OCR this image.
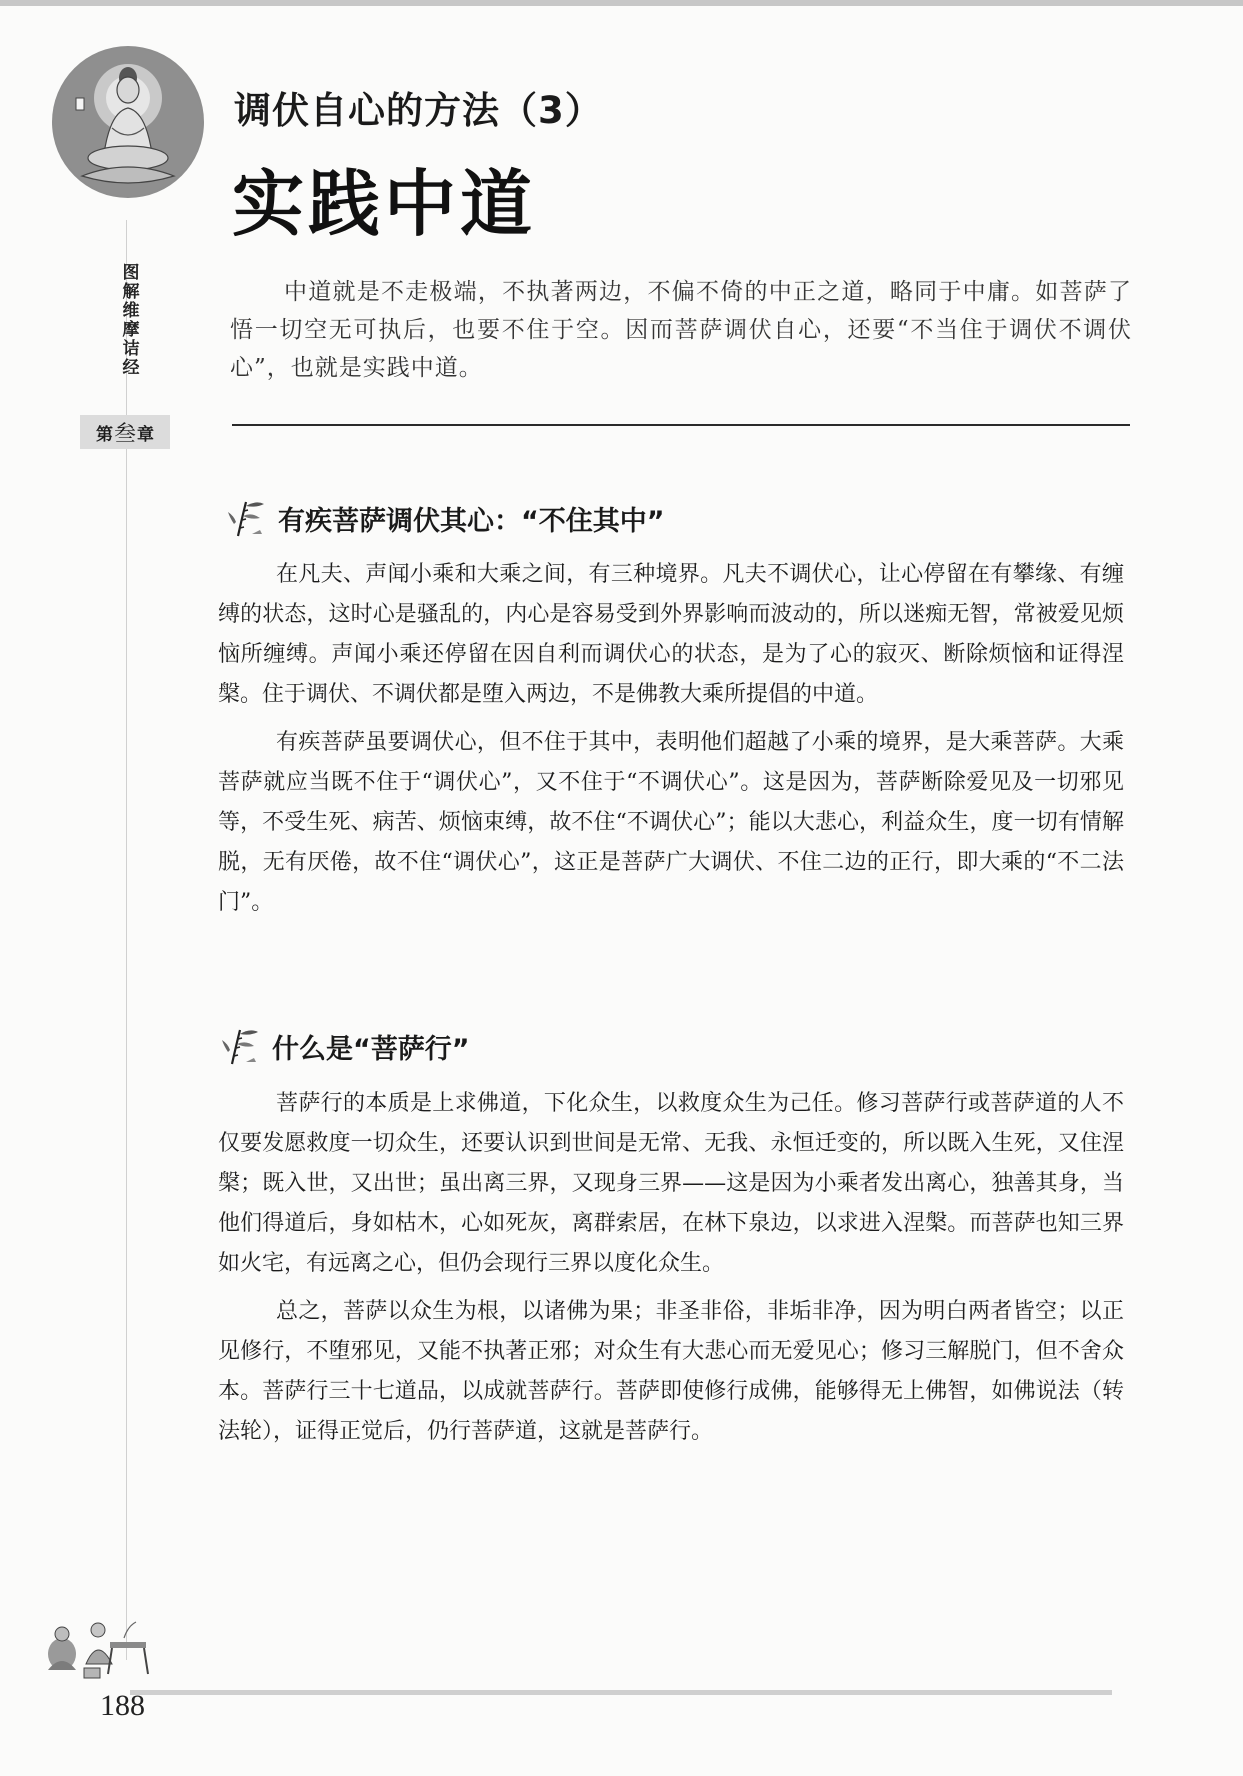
调伏自心的方法（3）
实践中道
图解维摩诘经
第 叁 章

中道就是不走极端，不执著两边，不偏不倚的中正之道，略同于中庸。如菩萨了悟一切空无可执后，也要不住于空。因而菩萨调伏自心，还要“不当住于调伏不调伏心”，也就是实践中道。

有疾菩萨调伏其心：“不住其中”

在凡夫、声闻小乘和大乘之间，有三种境界。凡夫不调伏心，让心停留在有攀缘、有缠缚的状态，这时心是骚乱的，内心是容易受到外界影响而波动的，所以迷痴无智，常被爱见烦恼所缠缚。声闻小乘还停留在因自利而调伏心的状态，是为了心的寂灭、断除烦恼和证得涅槃。住于调伏、不调伏都是堕入两边，不是佛教大乘所提倡的中道。

有疾菩萨虽要调伏心，但不住于其中，表明他们超越了小乘的境界，是大乘菩萨。大乘菩萨就应当既不住于“调伏心”，又不住于“不调伏心”。这是因为，菩萨断除爱见及一切邪见等，不受生死、病苦、烦恼束缚，故不住“不调伏心”；能以大悲心，利益众生，度一切有情解脱，无有厌倦，故不住“调伏心”，这正是菩萨广大调伏、不住二边的正行，即大乘的“不二法门”。

什么是“菩萨行”

菩萨行的本质是上求佛道，下化众生，以救度众生为己任。修习菩萨行或菩萨道的人不仅要发愿救度一切众生，还要认识到世间是无常、无我、永恒迁变的，所以既入生死，又住涅槃；既入世，又出世；虽出离三界，又现身三界——这是因为小乘者发出离心，独善其身，当他们得道后，身如枯木，心如死灰，离群索居，在林下泉边，以求进入涅槃。而菩萨也知三界如火宅，有远离之心，但仍会现行三界以度化众生。

总之，菩萨以众生为根，以诸佛为果；非圣非俗，非垢非净，因为明白两者皆空；以正见修行，不堕邪见，又能不执著正邪；对众生有大悲心而无爱见心；修习三解脱门，但不舍众本。菩萨行三十七道品，以成就菩萨行。菩萨即使修行成佛，能够得无上佛智，如佛说法（转法轮），证得正觉后，仍行菩萨道，这就是菩萨行。

188
